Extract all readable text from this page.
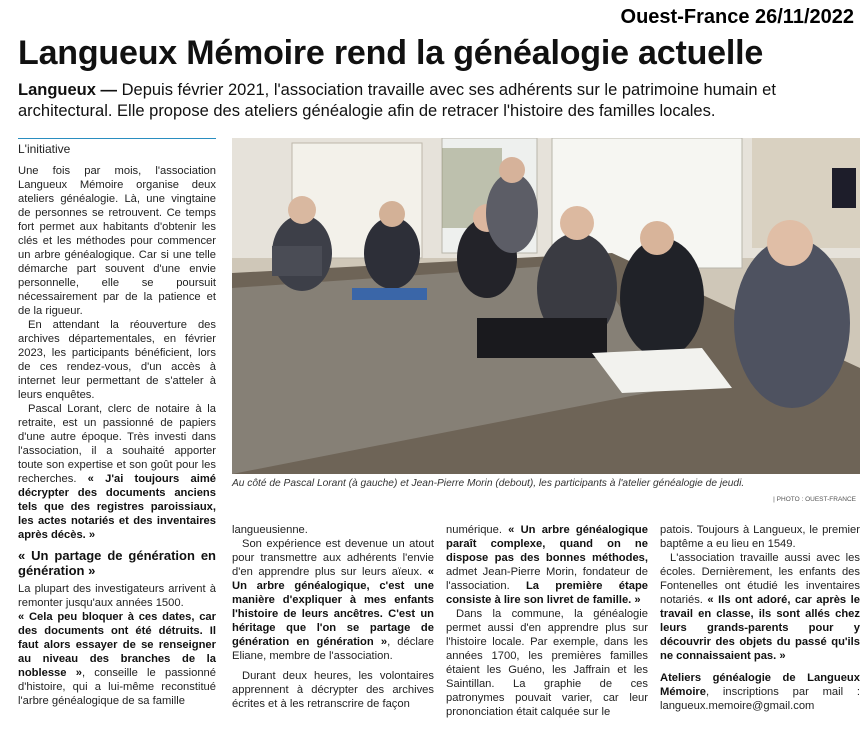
Ouest-France 26/11/2022
Langueux Mémoire rend la généalogie actuelle
Langueux — Depuis février 2021, l'association travaille avec ses adhérents sur le patrimoine humain et architectural. Elle propose des ateliers généalogie afin de retracer l'histoire des familles locales.
L'initiative

Une fois par mois, l'association Langueux Mémoire organise deux ateliers généalogie. Là, une vingtaine de personnes se retrouvent. Ce temps fort permet aux habitants d'obtenir les clés et les méthodes pour commencer un arbre généalogique. Car si une telle démarche part souvent d'une envie personnelle, elle se poursuit nécessairement par de la patience et de la rigueur.

En attendant la réouverture des archives départementales, en février 2023, les participants bénéficient, lors de ces rendez-vous, d'un accès à internet leur permettant de s'atteler à leurs enquêtes.

Pascal Lorant, clerc de notaire à la retraite, est un passionné de papiers d'une autre époque. Très investi dans l'association, il a souhaité apporter toute son expertise et son goût pour les recherches. « J'ai toujours aimé décrypter des documents anciens tels que des registres paroissiaux, les actes notariés et des inventaires après décès. »

« Un partage de génération en génération »

La plupart des investigateurs arrivent à remonter jusqu'aux années 1500.

« Cela peu bloquer à ces dates, car des documents ont été détruits. Il faut alors essayer de se renseigner au niveau des branches de la noblesse », conseille le passionné d'histoire, qui a lui-même reconstitué l'arbre généalogique de sa famille

Au côté de Pascal Lorant (à gauche) et Jean-Pierre Morin (debout), les participants à l'atelier généalogie de jeudi.
| PHOTO : OUEST-FRANCE

langueusienne.

Son expérience est devenue un atout pour transmettre aux adhérents l'envie d'en apprendre plus sur leurs aïeux. « Un arbre généalogique, c'est une manière d'expliquer à mes enfants l'histoire de leurs ancêtres. C'est un héritage que l'on se partage de génération en génération », déclare Eliane, membre de l'association.

Durant deux heures, les volontaires apprennent à décrypter des archives écrites et à les retranscrire de façon

numérique. « Un arbre généalogique paraît complexe, quand on ne dispose pas des bonnes méthodes, admet Jean-Pierre Morin, fondateur de l'association. La première étape consiste à lire son livret de famille. »

Dans la commune, la généalogie permet aussi d'en apprendre plus sur l'histoire locale. Par exemple, dans les années 1700, les premières familles étaient les Guéno, les Jaffrain et les Saintillan. La graphie de ces patronymes pouvait varier, car leur prononciation était calquée sur le

patois. Toujours à Langueux, le premier baptême a eu lieu en 1549.

L'association travaille aussi avec les écoles. Dernièrement, les enfants des Fontenelles ont étudié les inventaires notariés. « Ils ont adoré, car après le travail en classe, ils sont allés chez leurs grands-parents pour y découvrir des objets du passé qu'ils ne connaissaient pas. »

Ateliers généalogie de Langueux Mémoire, inscriptions par mail : langueux.memoire@gmail.com
